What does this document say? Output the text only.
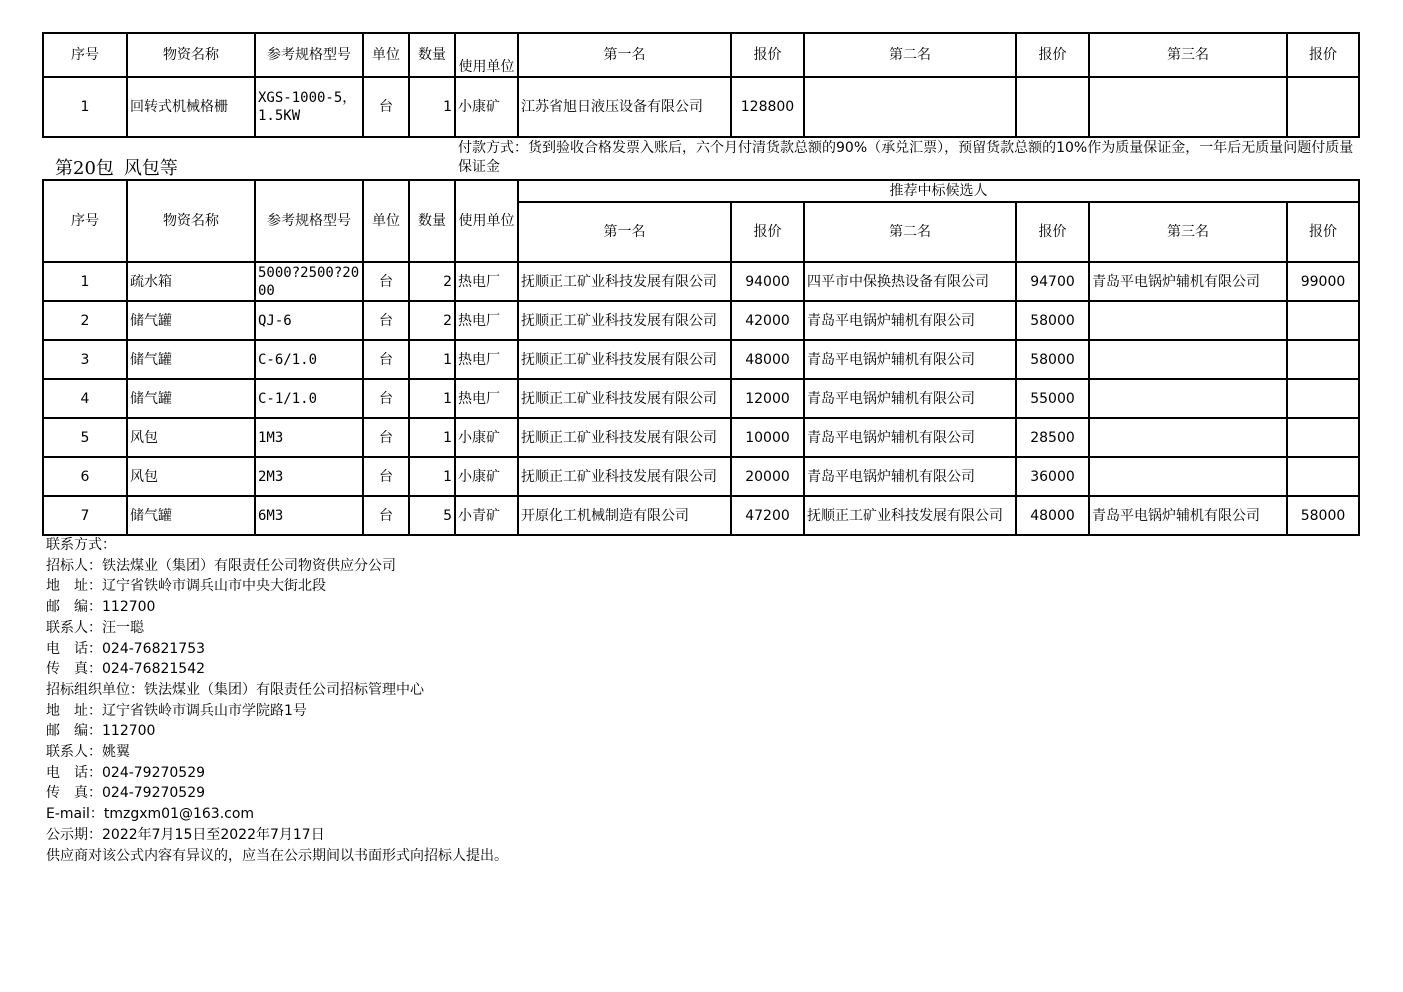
序号	物资名称	参考规格型号	单位	数量	使用单位	第一名	报价	第二名	报价	第三名	报价
1	回转式机械格栅	XGS-1000-5，1.5KW	台	1	小康矿	江苏省旭日液压设备有限公司	128800				
第20包 风包等
付款方式：货到验收合格发票入账后，六个月付清货款总额的90%（承兑汇票），预留货款总额的10%作为质量保证金，一年后无质量问题付质量保证金
序号	物资名称	参考规格型号	单位	数量	使用单位	推荐中标候选人					
						第一名	报价	第二名	报价	第三名	报价
1	疏水箱	5000?2500?2000	台	2	热电厂	抚顺正工矿业科技发展有限公司	94000	四平市中保换热设备有限公司	94700	青岛平电锅炉辅机有限公司	99000
2	储气罐	QJ-6	台	2	热电厂	抚顺正工矿业科技发展有限公司	42000	青岛平电锅炉辅机有限公司	58000		
3	储气罐	C-6/1.0	台	1	热电厂	抚顺正工矿业科技发展有限公司	48000	青岛平电锅炉辅机有限公司	58000		
4	储气罐	C-1/1.0	台	1	热电厂	抚顺正工矿业科技发展有限公司	12000	青岛平电锅炉辅机有限公司	55000		
5	风包	1M3	台	1	小康矿	抚顺正工矿业科技发展有限公司	10000	青岛平电锅炉辅机有限公司	28500		
6	风包	2M3	台	1	小康矿	抚顺正工矿业科技发展有限公司	20000	青岛平电锅炉辅机有限公司	36000		
7	储气罐	6M3	台	5	小青矿	开原化工机械制造有限公司	47200	抚顺正工矿业科技发展有限公司	48000	青岛平电锅炉辅机有限公司	58000
联系方式：
招标人：铁法煤业（集团）有限责任公司物资供应分公司
地　址：辽宁省铁岭市调兵山市中央大街北段
邮　编：112700
联系人：汪一聪
电　话：024-76821753
传　真：024-76821542
招标组织单位：铁法煤业（集团）有限责任公司招标管理中心
地　址：辽宁省铁岭市调兵山市学院路1号
邮　编：112700
联系人：姚翼
电　话：024-79270529
传　真：024-79270529
E-mail：tmzgxm01@163.com
公示期：2022年7月15日至2022年7月17日
供应商对该公式内容有异议的，应当在公示期间以书面形式向招标人提出。
